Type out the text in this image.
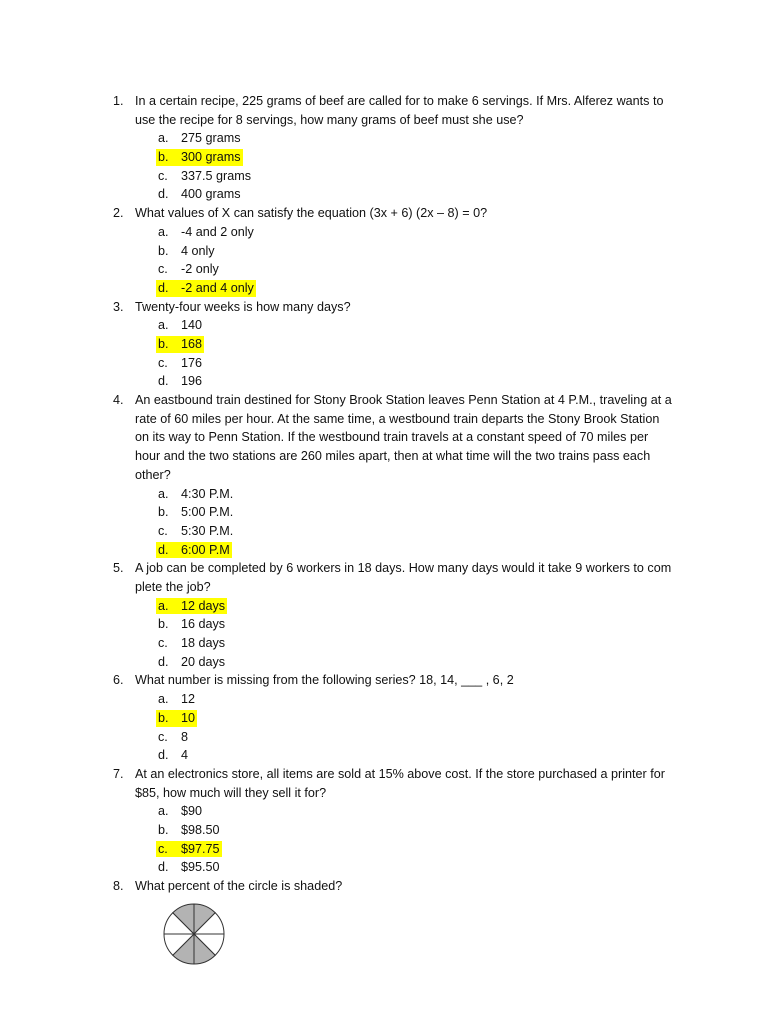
1. In a certain recipe, 225 grams of beef are called for to make 6 servings. If Mrs. Alferez wants to use the recipe for 8 servings, how many grams of beef must she use?
a. 275 grams
b. 300 grams
c. 337.5 grams
d. 400 grams
2. What values of X can satisfy the equation (3x + 6) (2x – 8) = 0?
a. -4 and 2 only
b. 4 only
c. -2 only
d. -2 and 4 only
3. Twenty-four weeks is how many days?
a. 140
b. 168
c. 176
d. 196
4. An eastbound train destined for Stony Brook Station leaves Penn Station at 4 P.M., traveling at a rate of 60 miles per hour. At the same time, a westbound train departs the Stony Brook Station on its way to Penn Station. If the westbound train travels at a constant speed of 70 miles per hour and the two stations are 260 miles apart, then at what time will the two trains pass each other?
a. 4:30 P.M.
b. 5:00 P.M.
c. 5:30 P.M.
d. 6:00 P.M
5. A job can be completed by 6 workers in 18 days. How many days would it take 9 workers to com plete the job?
a. 12 days
b. 16 days
c. 18 days
d. 20 days
6. What number is missing from the following series? 18, 14, ___ , 6, 2
a. 12
b. 10
c. 8
d. 4
7. At an electronics store, all items are sold at 15% above cost. If the store purchased a printer for $85, how much will they sell it for?
a. $90
b. $98.50
c. $97.75
d. $95.50
8. What percent of the circle is shaded?
